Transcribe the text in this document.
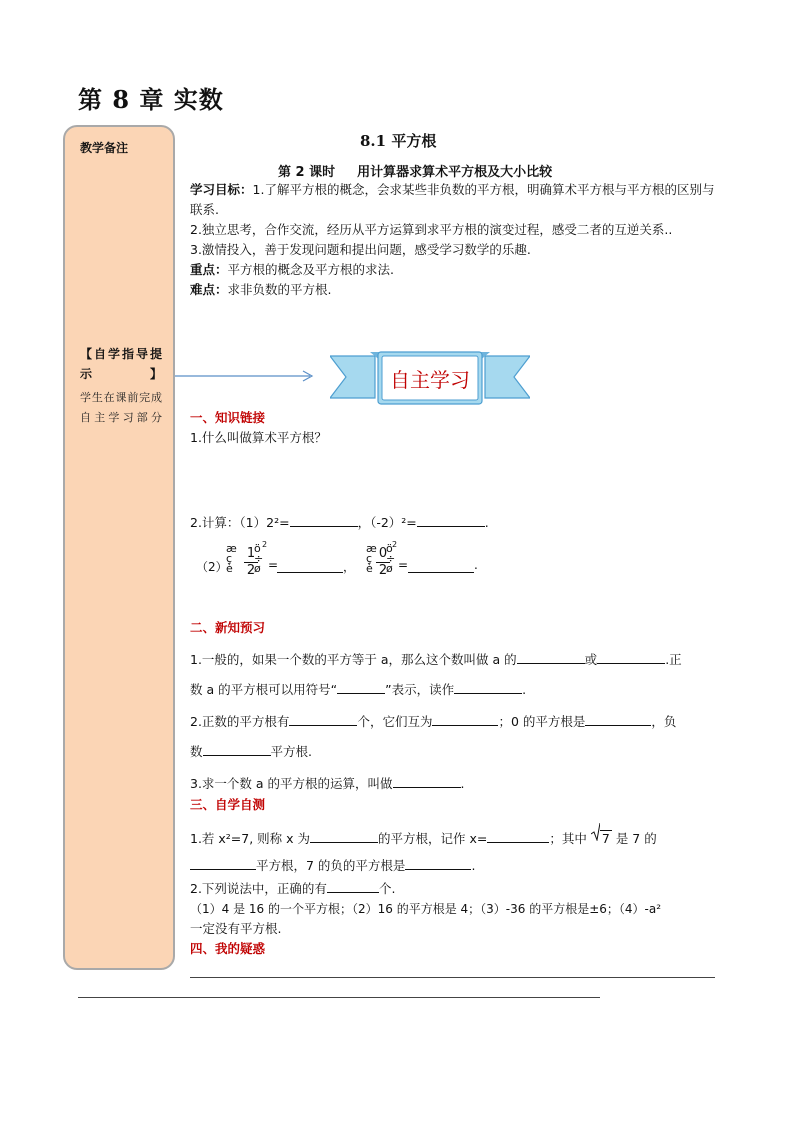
第 8 章 实数
教学备注
【自学指导提示】
学生在课前完成自主学习部分
8.1 平方根
第 2 课时 用计算器求算术平方根及大小比较
学习目标：1.了解平方根的概念，会求某些非负数的平方根，明确算术平方根与平方根的区别与联系.
2.独立思考，合作交流，经历从平方运算到求平方根的演变过程，感受二者的互逆关系..
3.激情投入，善于发现问题和提出问题，感受学习数学的乐趣.
重点：平方根的概念及平方根的求法.
难点：求非负数的平方根.
自主学习
一、知识链接
1.什么叫做算术平方根？
2.计算：（1）2²=	，（-2）²=	.
（2）
æ
ç
è
1
2
ö
÷
ø
2
=	，
æ
ç
è
0
2
ö
÷
ø
2
=	.
二、新知预习
1.一般的，如果一个数的平方等于 a，那么这个数叫做 a 的	或	.正
数 a 的平方根可以用符号“	”表示，读作	.
2.正数的平方根有	个，它们互为	；0 的平方根是	，负
数	平方根.
3.求一个数 a 的平方根的运算，叫做	.
三、自学自测
1.若 x²=7, 则称 x 为	的平方根，记作 x=	；其中 7 是 7 的
平方根，7 的负的平方根是	.
2.下列说法中，正确的有	个.
（1）4 是 16 的一个平方根；（2）16 的平方根是 4；（3）-36 的平方根是±6；（4）-a²
一定没有平方根.
四、我的疑惑
